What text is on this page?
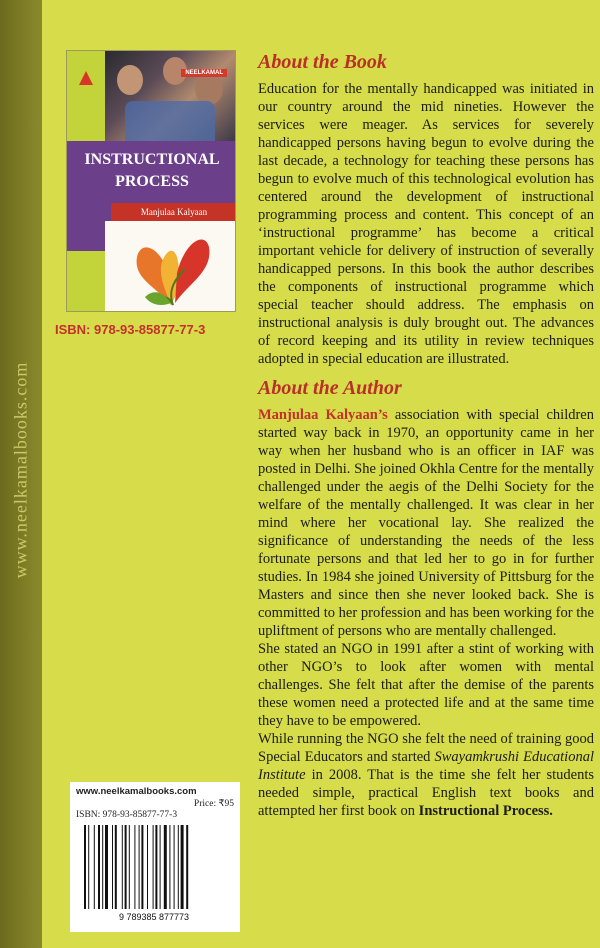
www.neelkamalbooks.com
NEELKAMAL
INSTRUCTIONAL
PROCESS
Manjulaa Kalyaan
ISBN: 978-93-85877-77-3
www.neelkamalbooks.com
Price: ₹95
ISBN: 978-93-85877-77-3
9 789385 877773
About the Book

Education for the mentally handicapped was initiated in our country around the mid nineties. However the services were meager. As services for severely handicapped persons having begun to evolve during the last decade, a technology for teaching these persons has begun to evolve much of this technological evolution has centered around the development of instructional programming process and content. This concept of an ‘instructional programme’ has become a critical important vehicle for delivery of instruction of severally handicapped persons. In this book the author describes the components of instructional programme which special teacher should address. The emphasis on instructional analysis is duly brought out. The advances of record keeping and its utility in review techniques adopted in special education are illustrated.

About the Author

Manjulaa Kalyaan’s association with special children started way back in 1970, an opportunity came in her way when her husband who is an officer in IAF was posted in Delhi. She joined Okhla Centre for the mentally challenged under the aegis of the Delhi Society for the welfare of the mentally challenged. It was clear in her mind where her vocational lay. She realized the significance of understanding the needs of the less fortunate persons and that led her to go in for further studies. In 1984 she joined University of Pittsburg for the Masters and since then she never looked back. She is committed to her profession and has been working for the upliftment of persons who are mentally challenged.

She stated an NGO in 1991 after a stint of working with other NGO’s to look after women with mental challenges. She felt that after the demise of the parents these women need a protected life and at the same time they have to be empowered.

While running the NGO she felt the need of training good Special Educators and started Swayamkrushi Educational Institute in 2008. That is the time she felt her students needed simple, practical English text books and attempted her first book on Instructional Process.
